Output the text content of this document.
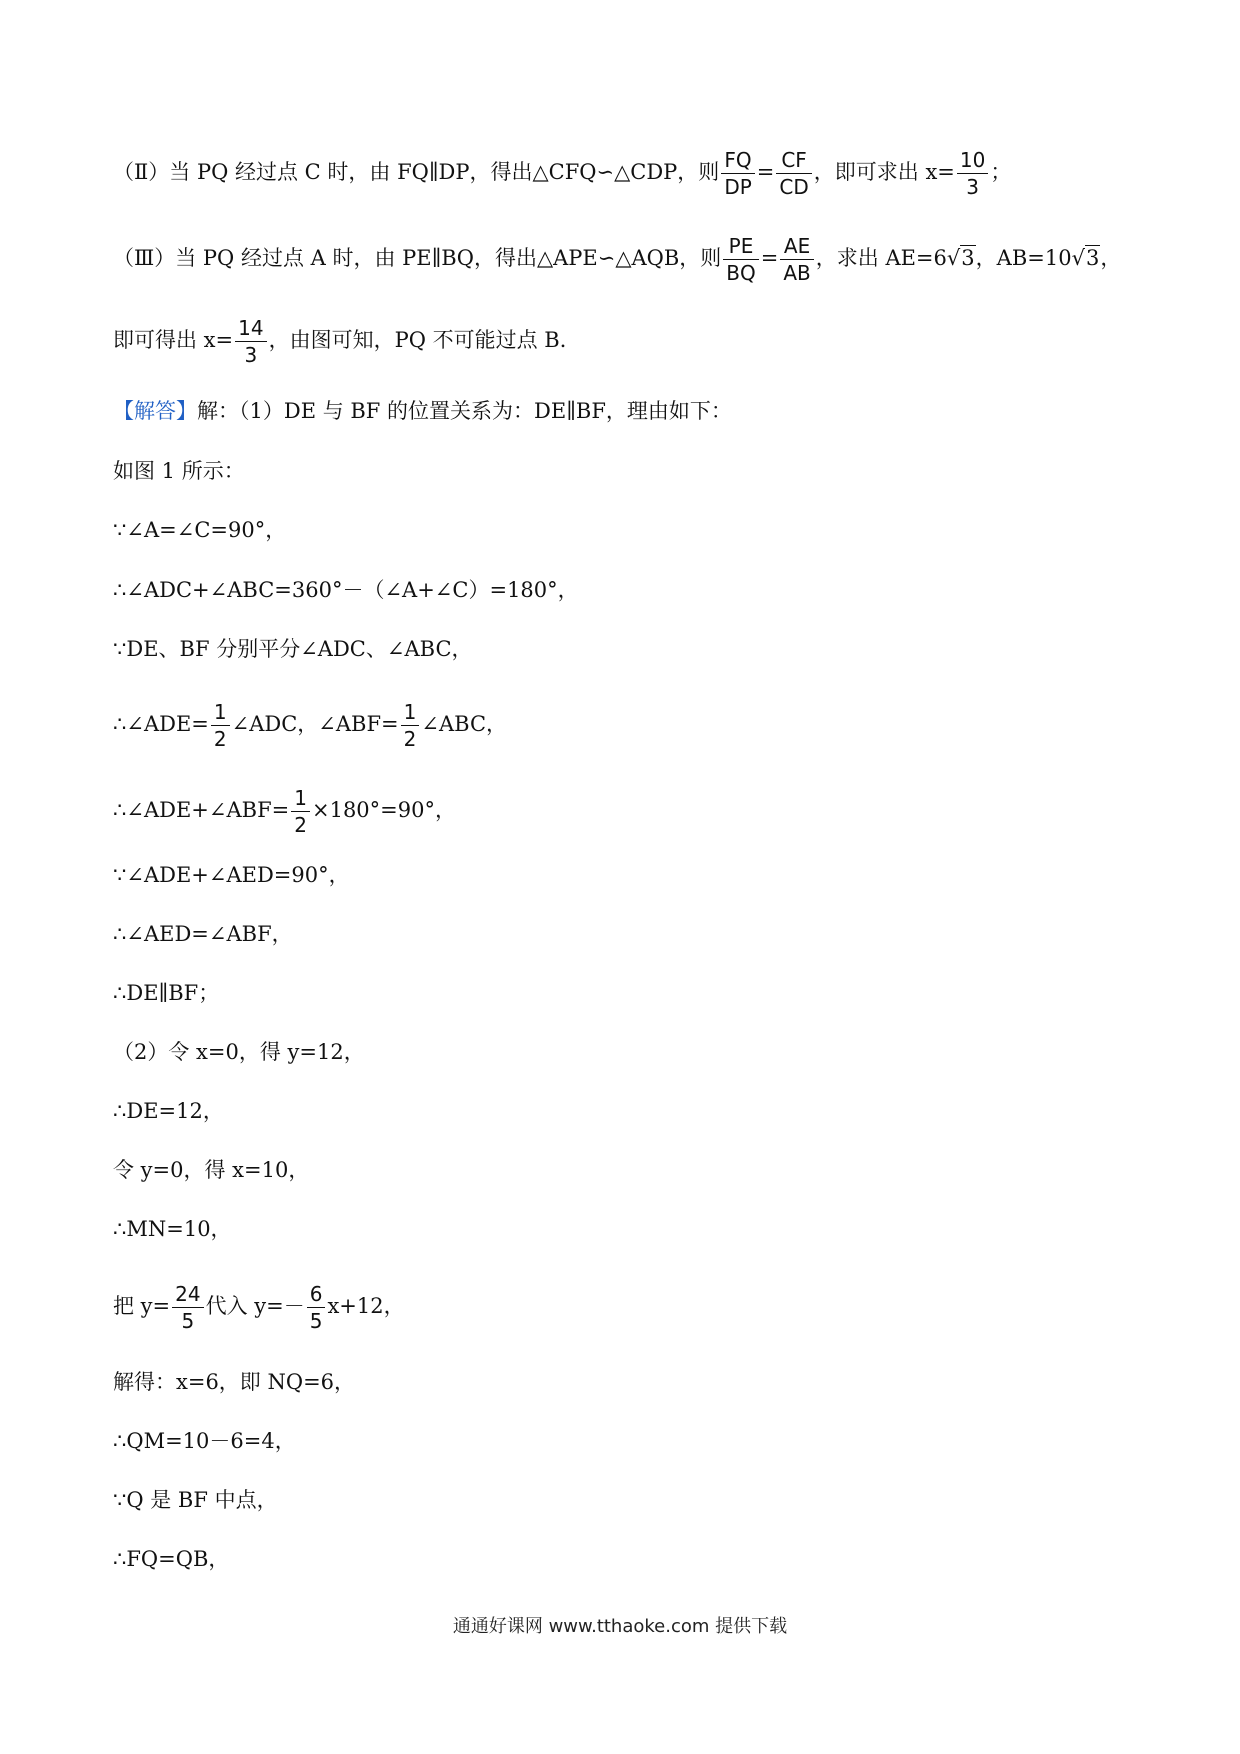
（Ⅱ）当 PQ 经过点 C 时，由 FQ∥DP，得出△CFQ∽△CDP，则 $\frac{FQ}{DP} = \frac{CF}{CD}$ ，即可求出 $x= \frac{10}{3}$ ；
（Ⅲ）当 PQ 经过点 A 时，由 PE∥BQ，得出△APE∽△AQB，则 $\frac{PE}{BQ} = \frac{AE}{AB}$ ，求出 AE=6√3，AB=10√3，
即可得出 $x= \frac{14}{3}$ ，由图可知，PQ 不可能过点 B．
【解答】解：（1）DE 与 BF 的位置关系为：DE∥BF，理由如下：
如图 1 所示：
∵∠A=∠C=90°，
∴∠ADC+∠ABC=360°－（∠A+∠C）=180°，
∵DE、BF 分别平分∠ADC、∠ABC，
∴∠ADE= $\frac{1}{2}$ ∠ADC，∠ABF= $\frac{1}{2}$ ∠ABC，
∴∠ADE+∠ABF= $\frac{1}{2} \times 180^\circ=90^\circ$，
∵∠ADE+∠AED=90°，
∴∠AED=∠ABF，
∴DE∥BF；
（2）令 x=0，得 y=12，
∴DE=12，
令 y=0，得 x=10，
∴MN=10，
把 $y= \frac{24}{5}$ 代入 $y=- \frac{6}{5} x+12$，
解得：x=6，即 NQ=6，
∴QM=10－6=4，
∵Q 是 BF 中点，
∴FQ=QB，
通通好课网 www.tthaoke.com 提供下载
